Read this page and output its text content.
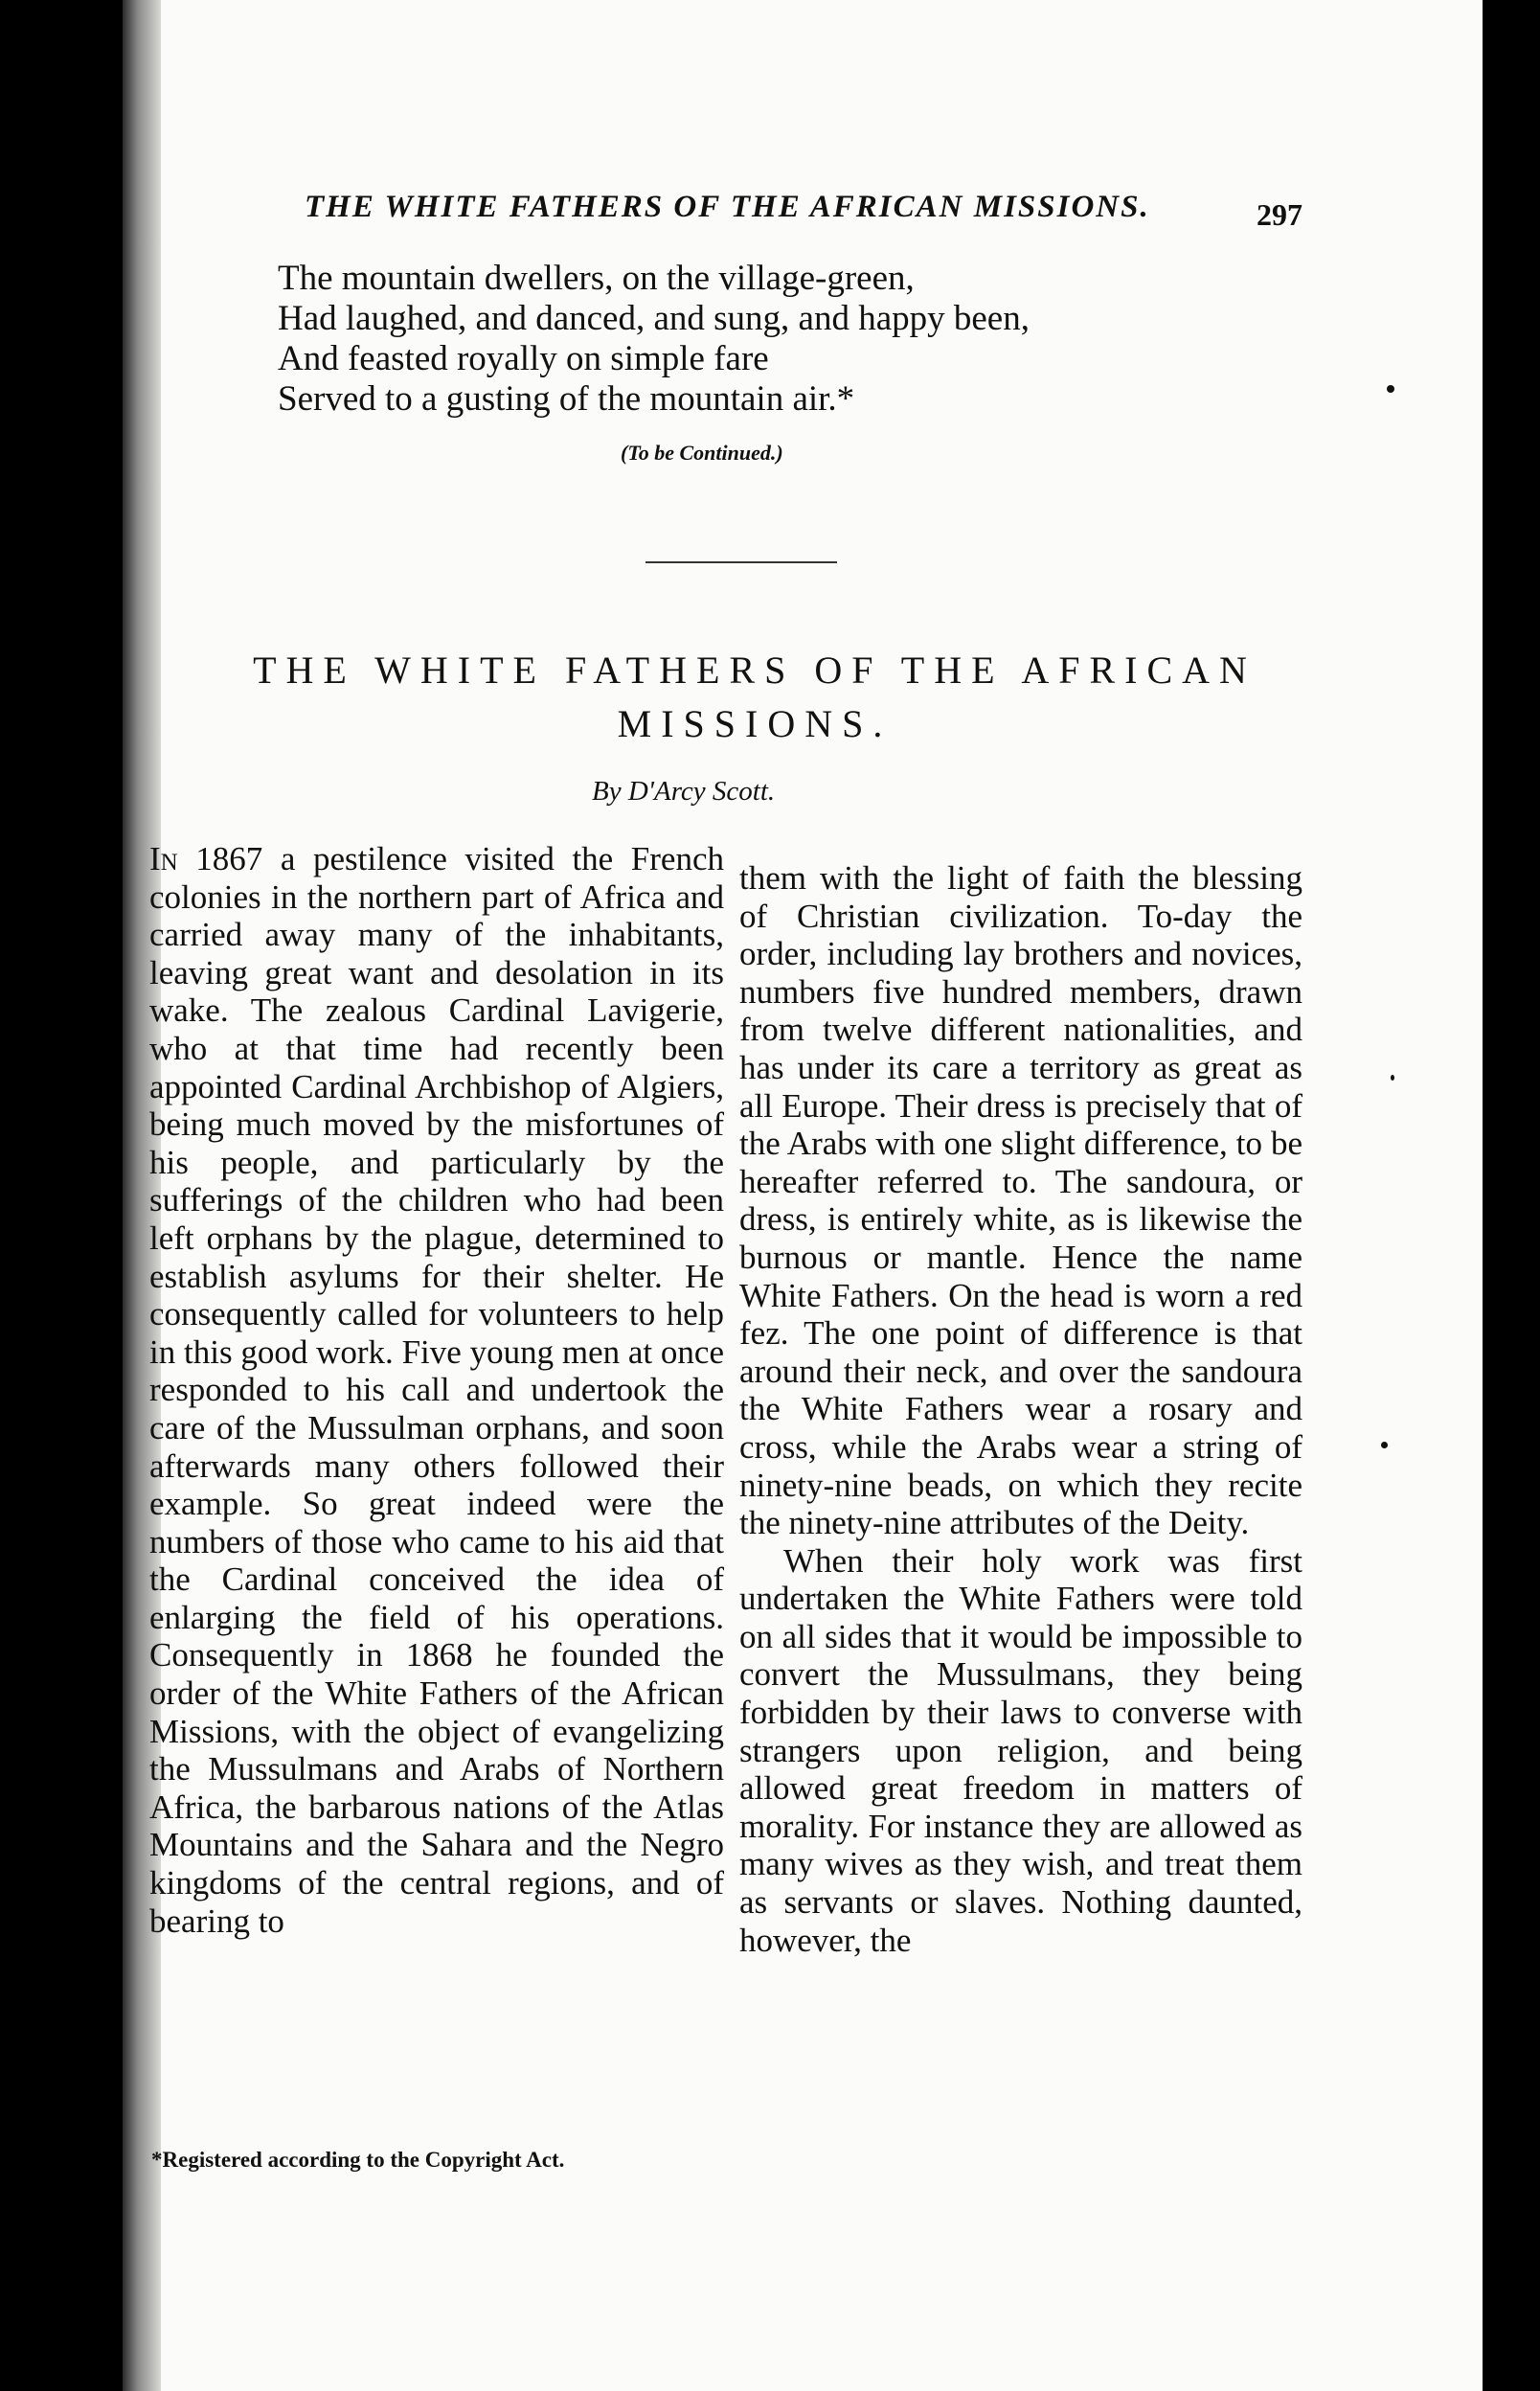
THE WHITE FATHERS OF THE AFRICAN MISSIONS.	297
The mountain dwellers, on the village-green,
Had laughed, and danced, and sung, and happy been,
And feasted royally on simple fare
Served to a gusting of the mountain air.*
(To be Continued.)
THE WHITE FATHERS OF THE AFRICAN MISSIONS.
By D'Arcy Scott.

In 1867 a pestilence visited the French colonies in the northern part of Africa and carried away many of the inhabitants, leaving great want and desolation in its wake. The zealous Cardinal Lavigerie, who at that time had recently been appointed Cardinal Archbishop of Algiers, being much moved by the misfortunes of his people, and particularly by the sufferings of the children who had been left orphans by the plague, determined to establish asylums for their shelter. He consequently called for volunteers to help in this good work. Five young men at once responded to his call and undertook the care of the Mussulman orphans, and soon afterwards many others followed their example. So great indeed were the numbers of those who came to his aid that the Cardinal conceived the idea of enlarging the field of his operations. Consequently in 1868 he founded the order of the White Fathers of the African Missions, with the object of evangelizing the Mussulmans and Arabs of Northern Africa, the barbarous nations of the Atlas Mountains and the Sahara and the Negro kingdoms of the central regions, and of bearing to

them with the light of faith the blessing of Christian civilization. To-day the order, including lay brothers and novices, numbers five hundred members, drawn from twelve different nationalities, and has under its care a territory as great as all Europe. Their dress is precisely that of the Arabs with one slight difference, to be hereafter referred to. The sandoura, or dress, is entirely white, as is likewise the burnous or mantle. Hence the name White Fathers. On the head is worn a red fez. The one point of difference is that around their neck, and over the sandoura the White Fathers wear a rosary and cross, while the Arabs wear a string of ninety-nine beads, on which they recite the ninety-nine attributes of the Deity.

When their holy work was first undertaken the White Fathers were told on all sides that it would be impossible to convert the Mussulmans, they being forbidden by their laws to converse with strangers upon religion, and being allowed great freedom in matters of morality. For instance they are allowed as many wives as they wish, and treat them as servants or slaves. Nothing daunted, however, the

*Registered according to the Copyright Act.
